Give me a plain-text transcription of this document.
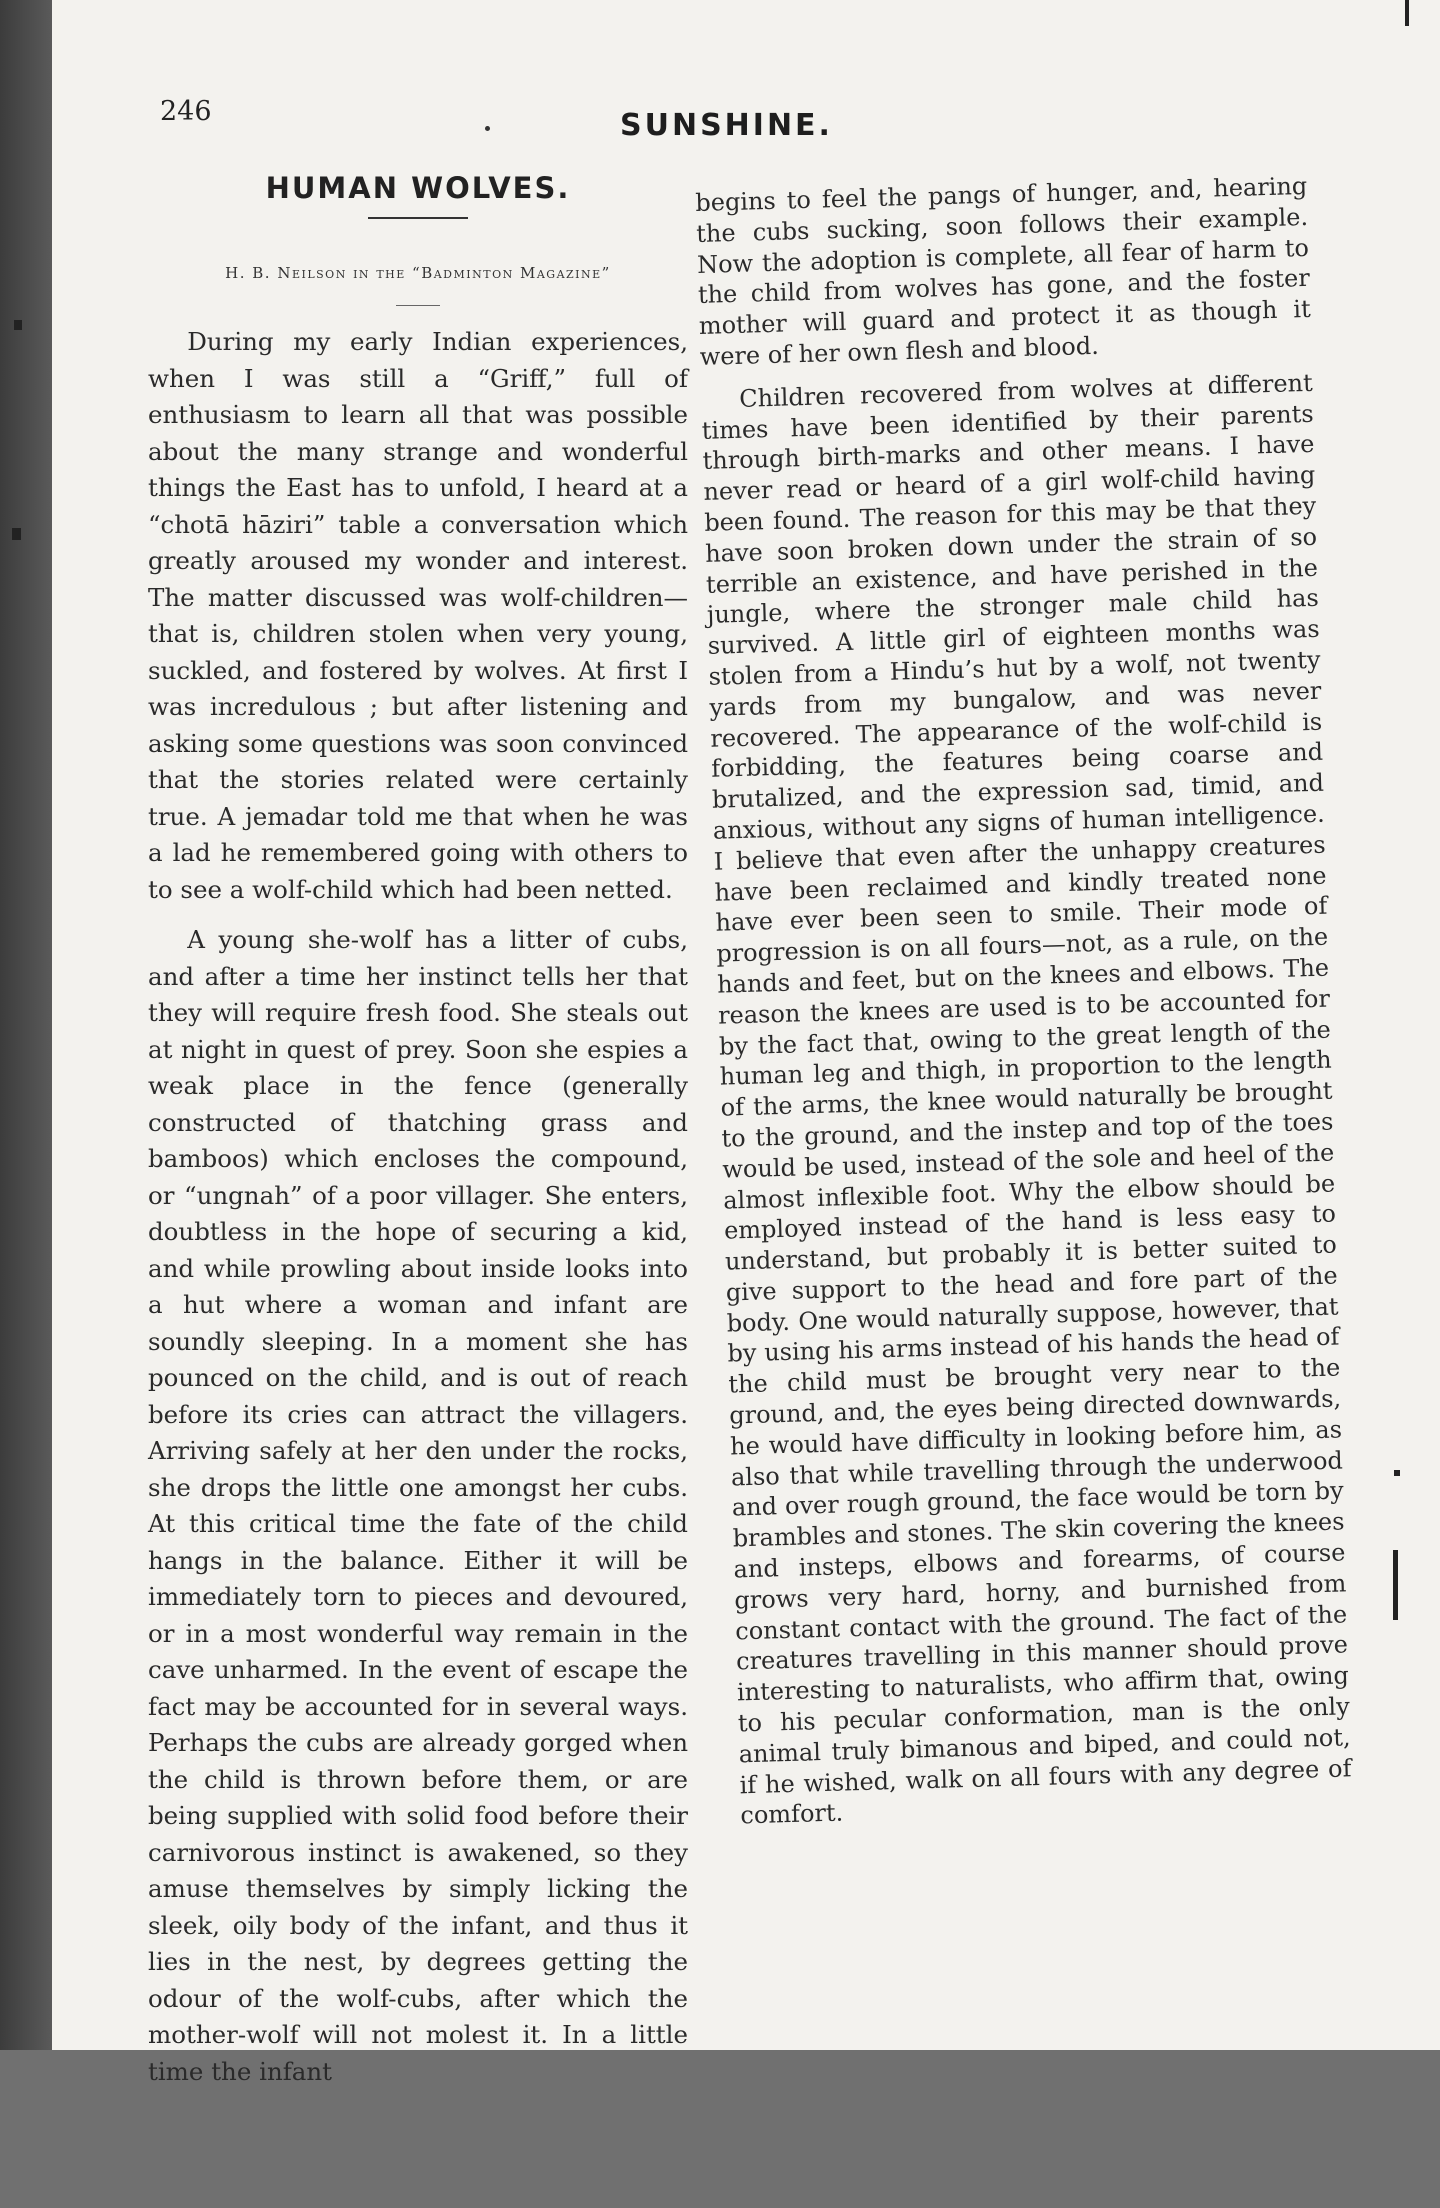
246	SUNSHINE.
HUMAN WOLVES.
H. B. Neilson in the “Badminton Magazine”

During my early Indian experiences, when I was still a “Griff,” full of enthusiasm to learn all that was possible about the many strange and wonderful things the East has to unfold, I heard at a “chotā hāziri” table a conversation which greatly aroused my wonder and interest. The matter discussed was wolf-children—that is, children stolen when very young, suckled, and fostered by wolves. At first I was incredulous ; but after listening and asking some questions was soon convinced that the stories related were certainly true. A jemadar told me that when he was a lad he remembered going with others to to see a wolf-child which had been netted.

A young she-wolf has a litter of cubs, and after a time her instinct tells her that they will require fresh food. She steals out at night in quest of prey. Soon she espies a weak place in the fence (generally constructed of thatching grass and bamboos) which encloses the compound, or “ungnah” of a poor villager. She enters, doubtless in the hope of securing a kid, and while prowling about inside looks into a hut where a woman and infant are soundly sleeping. In a moment she has pounced on the child, and is out of reach before its cries can attract the villagers. Arriving safely at her den under the rocks, she drops the little one amongst her cubs. At this critical time the fate of the child hangs in the balance. Either it will be immediately torn to pieces and devoured, or in a most wonderful way remain in the cave unharmed. In the event of escape the fact may be accounted for in several ways. Perhaps the cubs are already gorged when the child is thrown before them, or are being supplied with solid food before their carnivorous instinct is awakened, so they amuse themselves by simply licking the sleek, oily body of the infant, and thus it lies in the nest, by degrees getting the odour of the wolf-cubs, after which the mother-wolf will not molest it. In a little time the infant

begins to feel the pangs of hunger, and, hearing the cubs sucking, soon follows their example. Now the adoption is complete, all fear of harm to the child from wolves has gone, and the foster mother will guard and protect it as though it were of her own flesh and blood.

Children recovered from wolves at different times have been identified by their parents through birth-marks and other means. I have never read or heard of a girl wolf-child having been found. The reason for this may be that they have soon broken down under the strain of so terrible an existence, and have perished in the jungle, where the stronger male child has survived. A little girl of eighteen months was stolen from a Hindu’s hut by a wolf, not twenty yards from my bungalow, and was never recovered. The appearance of the wolf-child is forbidding, the features being coarse and brutalized, and the expression sad, timid, and anxious, without any signs of human intelligence. I believe that even after the unhappy creatures have been reclaimed and kindly treated none have ever been seen to smile. Their mode of progression is on all fours—not, as a rule, on the hands and feet, but on the knees and elbows. The reason the knees are used is to be accounted for by the fact that, owing to the great length of the human leg and thigh, in proportion to the length of the arms, the knee would naturally be brought to the ground, and the instep and top of the toes would be used, instead of the sole and heel of the almost inflexible foot. Why the elbow should be employed instead of the hand is less easy to understand, but probably it is better suited to give support to the head and fore part of the body. One would naturally suppose, however, that by using his arms instead of his hands the head of the child must be brought very near to the ground, and, the eyes being directed downwards, he would have difficulty in looking before him, as also that while travelling through the underwood and over rough ground, the face would be torn by brambles and stones. The skin covering the knees and insteps, elbows and forearms, of course grows very hard, horny, and burnished from constant contact with the ground. The fact of the creatures travelling in this manner should prove interesting to naturalists, who affirm that, owing to his pecular conformation, man is the only animal truly bimanous and biped, and could not, if he wished, walk on all fours with any degree of comfort.
